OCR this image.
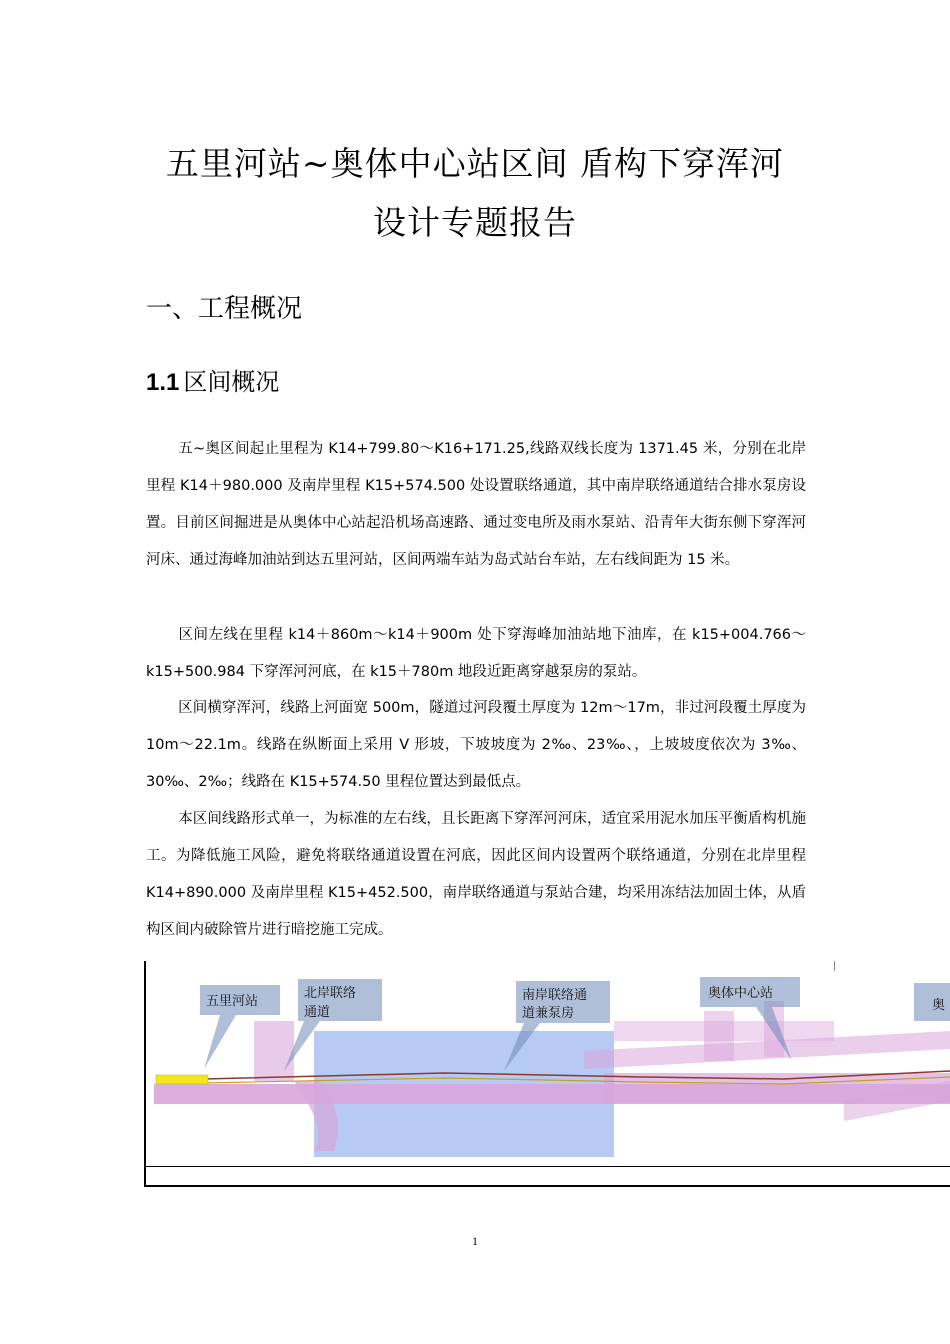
五里河站~奥体中心站区间 盾构下穿浑河
设计专题报告
一、工程概况
1.1 区间概况
五~奥区间起止里程为 K14+799.80～K16+171.25,线路双线长度为 1371.45 米，分别在北岸里程 K14＋980.000 及南岸里程 K15+574.500 处设置联络通道，其中南岸联络通道结合排水泵房设置。目前区间掘进是从奥体中心站起沿机场高速路、通过变电所及雨水泵站、沿青年大街东侧下穿浑河河床、通过海峰加油站到达五里河站，区间两端车站为岛式站台车站，左右线间距为 15 米。
区间左线在里程 k14＋860m～k14＋900m 处下穿海峰加油站地下油库，在 k15+004.766～k15+500.984 下穿浑河河底，在 k15＋780m 地段近距离穿越泵房的泵站。
区间横穿浑河，线路上河面宽 500m，隧道过河段覆土厚度为 12m～17m，非过河段覆土厚度为 10m～22.1m。线路在纵断面上采用 V 形坡，下坡坡度为 2‰、23‰、，上坡坡度依次为 3‰、30‰、2‰；线路在 K15+574.50 里程位置达到最低点。
本区间线路形式单一，为标准的左右线，且长距离下穿浑河河床，适宜采用泥水加压平衡盾构机施工。为降低施工风险，避免将联络通道设置在河底，因此区间内设置两个联络通道，分别在北岸里程 K14+890.000 及南岸里程 K15+452.500，南岸联络通道与泵站合建，均采用冻结法加固土体，从盾构区间内破除管片进行暗挖施工完成。
五里河站
北岸联络
通道
南岸联络通
道兼泵房
奥体中心站
奥
1
